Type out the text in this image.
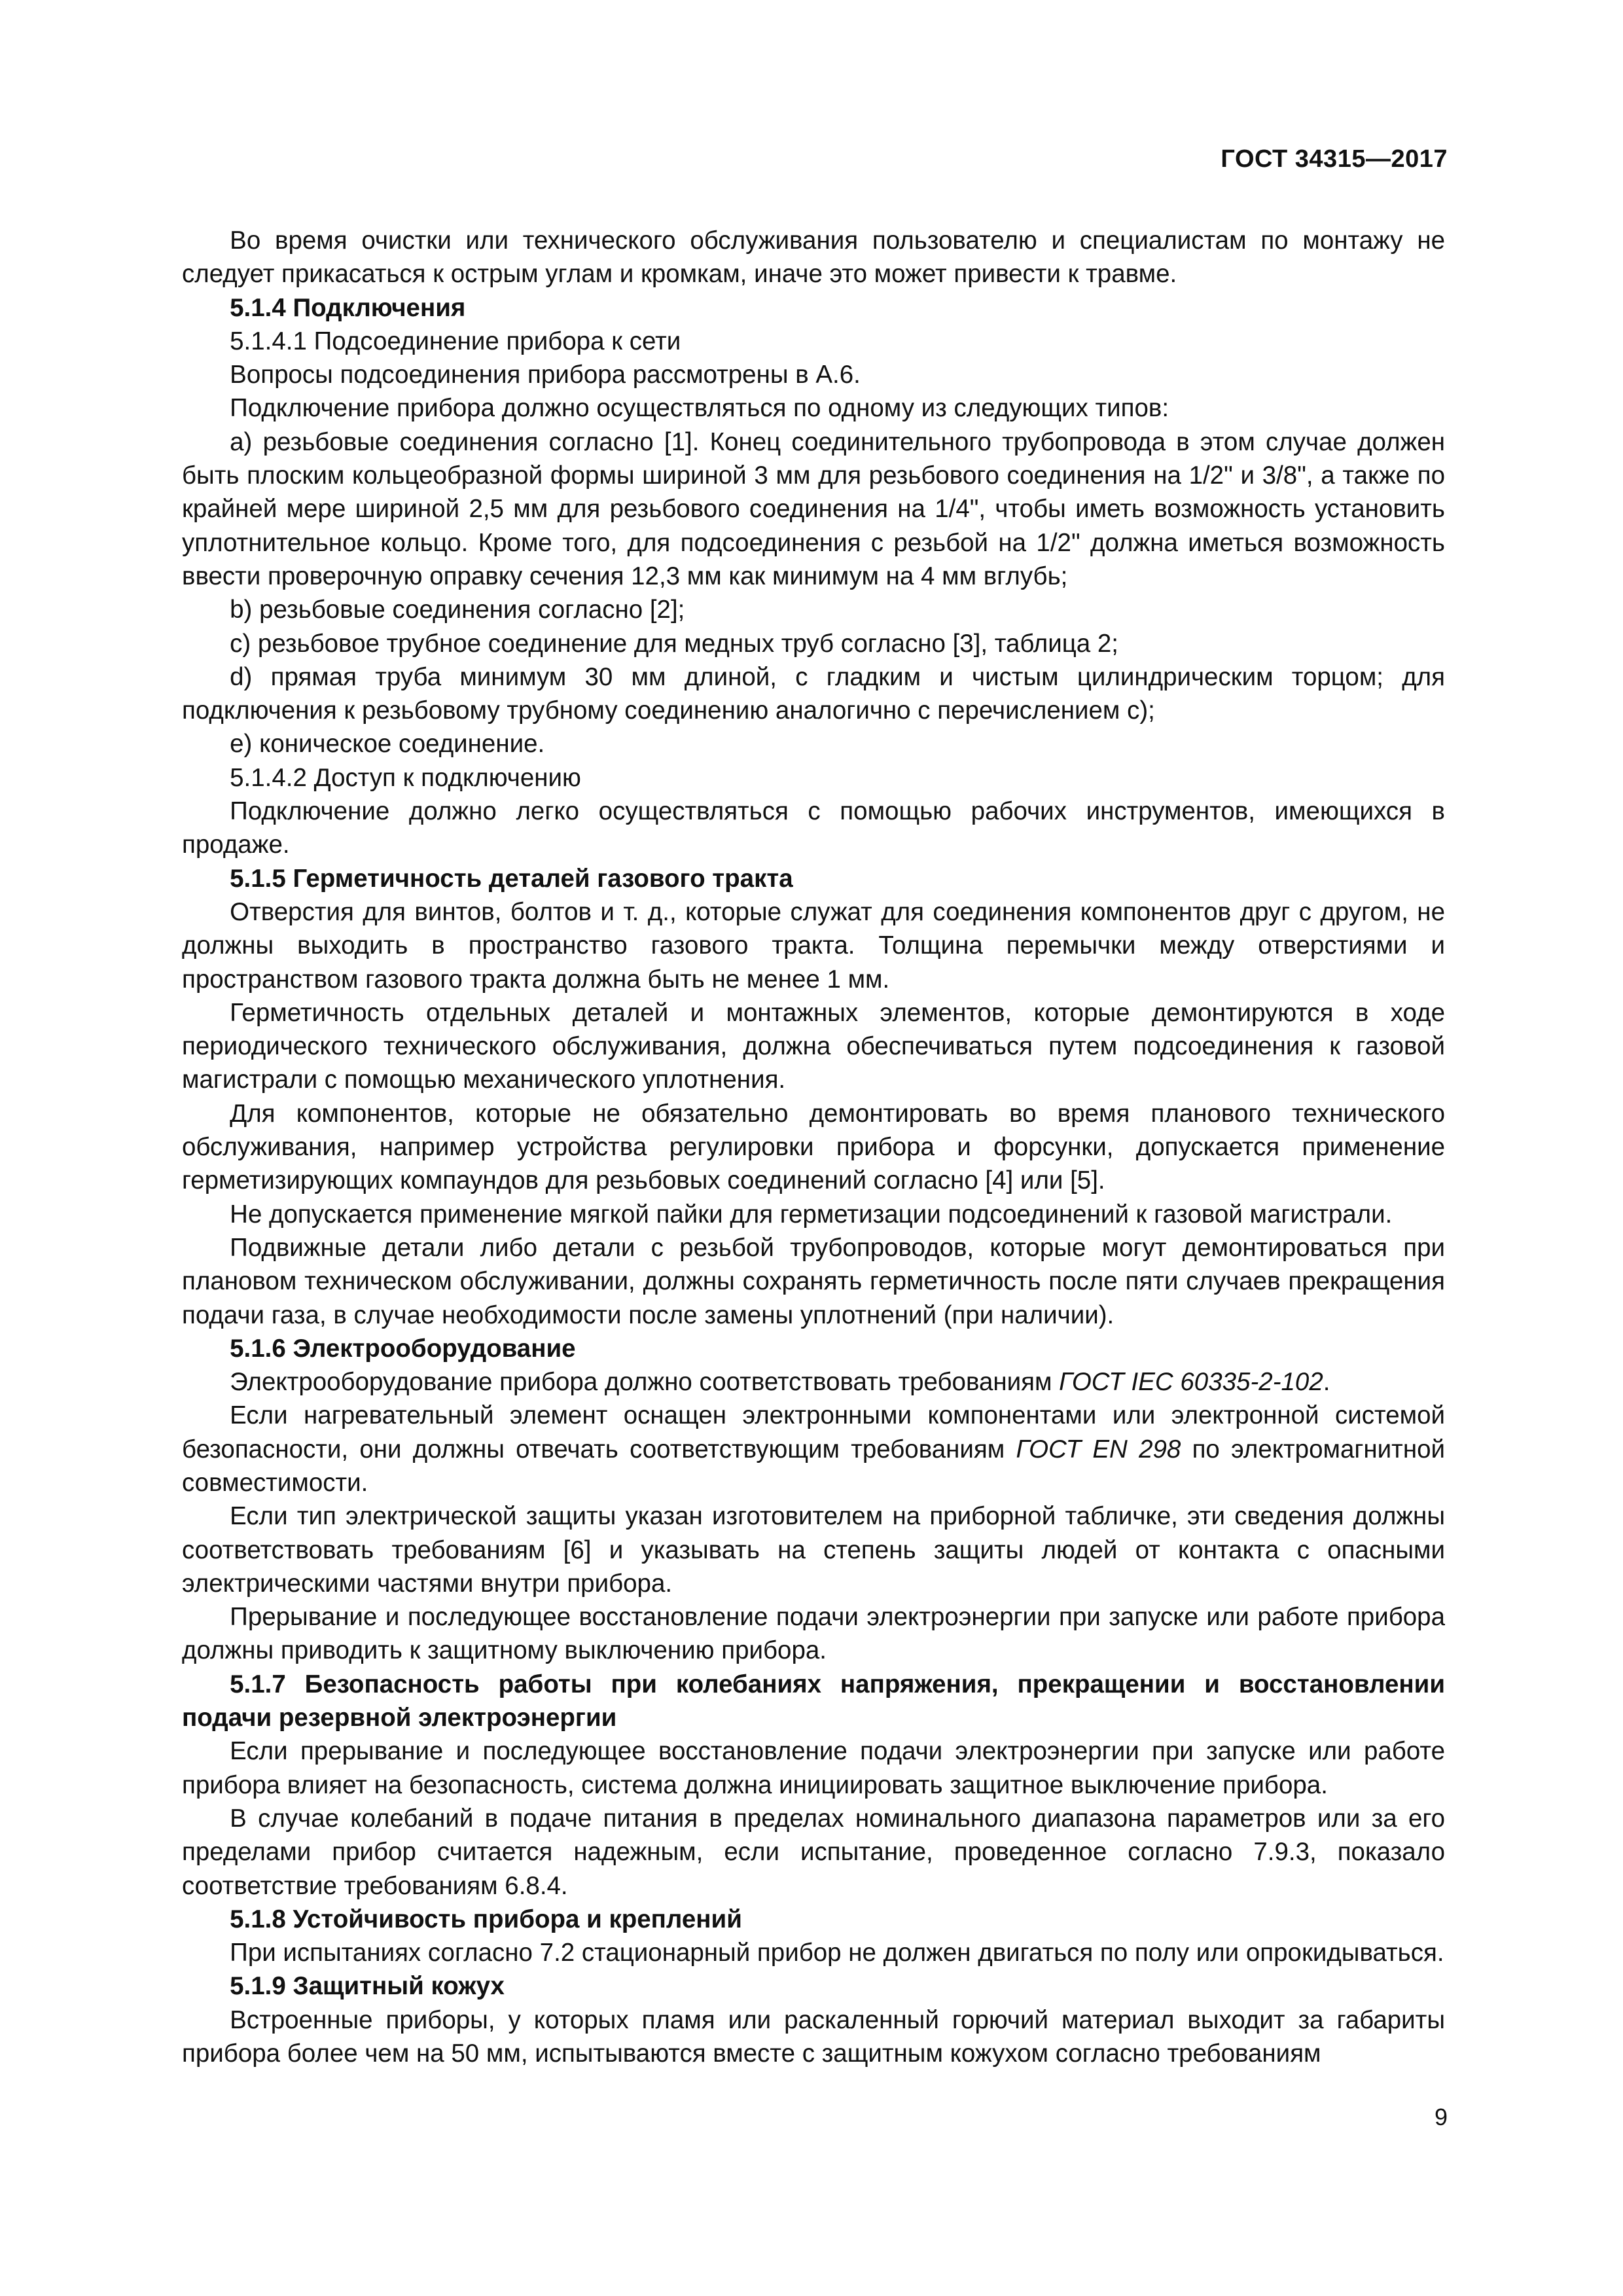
ГОСТ 34315—2017

Во время очистки или технического обслуживания пользователю и специалистам по монтажу не следует прикасаться к острым углам и кромкам, иначе это может привести к травме.

5.1.4 Подключения

5.1.4.1 Подсоединение прибора к сети

Вопросы подсоединения прибора рассмотрены в А.6.

Подключение прибора должно осуществляться по одному из следующих типов:

а) резьбовые соединения согласно [1]. Конец соединительного трубопровода в этом случае должен быть плоским кольцеобразной формы шириной 3 мм для резьбового соединения на 1/2" и 3/8", а также по крайней мере шириной 2,5 мм для резьбового соединения на 1/4", чтобы иметь возможность установить уплотнительное кольцо. Кроме того, для подсоединения с резьбой на 1/2" должна иметься возможность ввести проверочную оправку сечения 12,3 мм как минимум на 4 мм вглубь;

b) резьбовые соединения согласно [2];

c) резьбовое трубное соединение для медных труб согласно [3], таблица 2;

d) прямая труба минимум 30 мм длиной, с гладким и чистым цилиндрическим торцом; для подключения к резьбовому трубному соединению аналогично с перечислением c);

e) коническое соединение.

5.1.4.2 Доступ к подключению

Подключение должно легко осуществляться с помощью рабочих инструментов, имеющихся в продаже.

5.1.5 Герметичность деталей газового тракта

Отверстия для винтов, болтов и т. д., которые служат для соединения компонентов друг с другом, не должны выходить в пространство газового тракта. Толщина перемычки между отверстиями и пространством газового тракта должна быть не менее 1 мм.

Герметичность отдельных деталей и монтажных элементов, которые демонтируются в ходе периодического технического обслуживания, должна обеспечиваться путем подсоединения к газовой магистрали с помощью механического уплотнения.

Для компонентов, которые не обязательно демонтировать во время планового технического обслуживания, например устройства регулировки прибора и форсунки, допускается применение герметизирующих компаундов для резьбовых соединений согласно [4] или [5].

Не допускается применение мягкой пайки для герметизации подсоединений к газовой магистрали.

Подвижные детали либо детали с резьбой трубопроводов, которые могут демонтироваться при плановом техническом обслуживании, должны сохранять герметичность после пяти случаев прекращения подачи газа, в случае необходимости после замены уплотнений (при наличии).

5.1.6 Электрооборудование

Электрооборудование прибора должно соответствовать требованиям ГОСТ IEC 60335-2-102.

Если нагревательный элемент оснащен электронными компонентами или электронной системой безопасности, они должны отвечать соответствующим требованиям ГОСТ EN 298 по электромагнитной совместимости.

Если тип электрической защиты указан изготовителем на приборной табличке, эти сведения должны соответствовать требованиям [6] и указывать на степень защиты людей от контакта с опасными электрическими частями внутри прибора.

Прерывание и последующее восстановление подачи электроэнергии при запуске или работе прибора должны приводить к защитному выключению прибора.

5.1.7 Безопасность работы при колебаниях напряжения, прекращении и восстановлении подачи резервной электроэнергии

Если прерывание и последующее восстановление подачи электроэнергии при запуске или работе прибора влияет на безопасность, система должна инициировать защитное выключение прибора.

В случае колебаний в подаче питания в пределах номинального диапазона параметров или за его пределами прибор считается надежным, если испытание, проведенное согласно 7.9.3, показало соответствие требованиям 6.8.4.

5.1.8 Устойчивость прибора и креплений

При испытаниях согласно 7.2 стационарный прибор не должен двигаться по полу или опрокидываться.

5.1.9 Защитный кожух

Встроенные приборы, у которых пламя или раскаленный горючий материал выходит за габариты прибора более чем на 50 мм, испытываются вместе с защитным кожухом согласно требованиям

9
